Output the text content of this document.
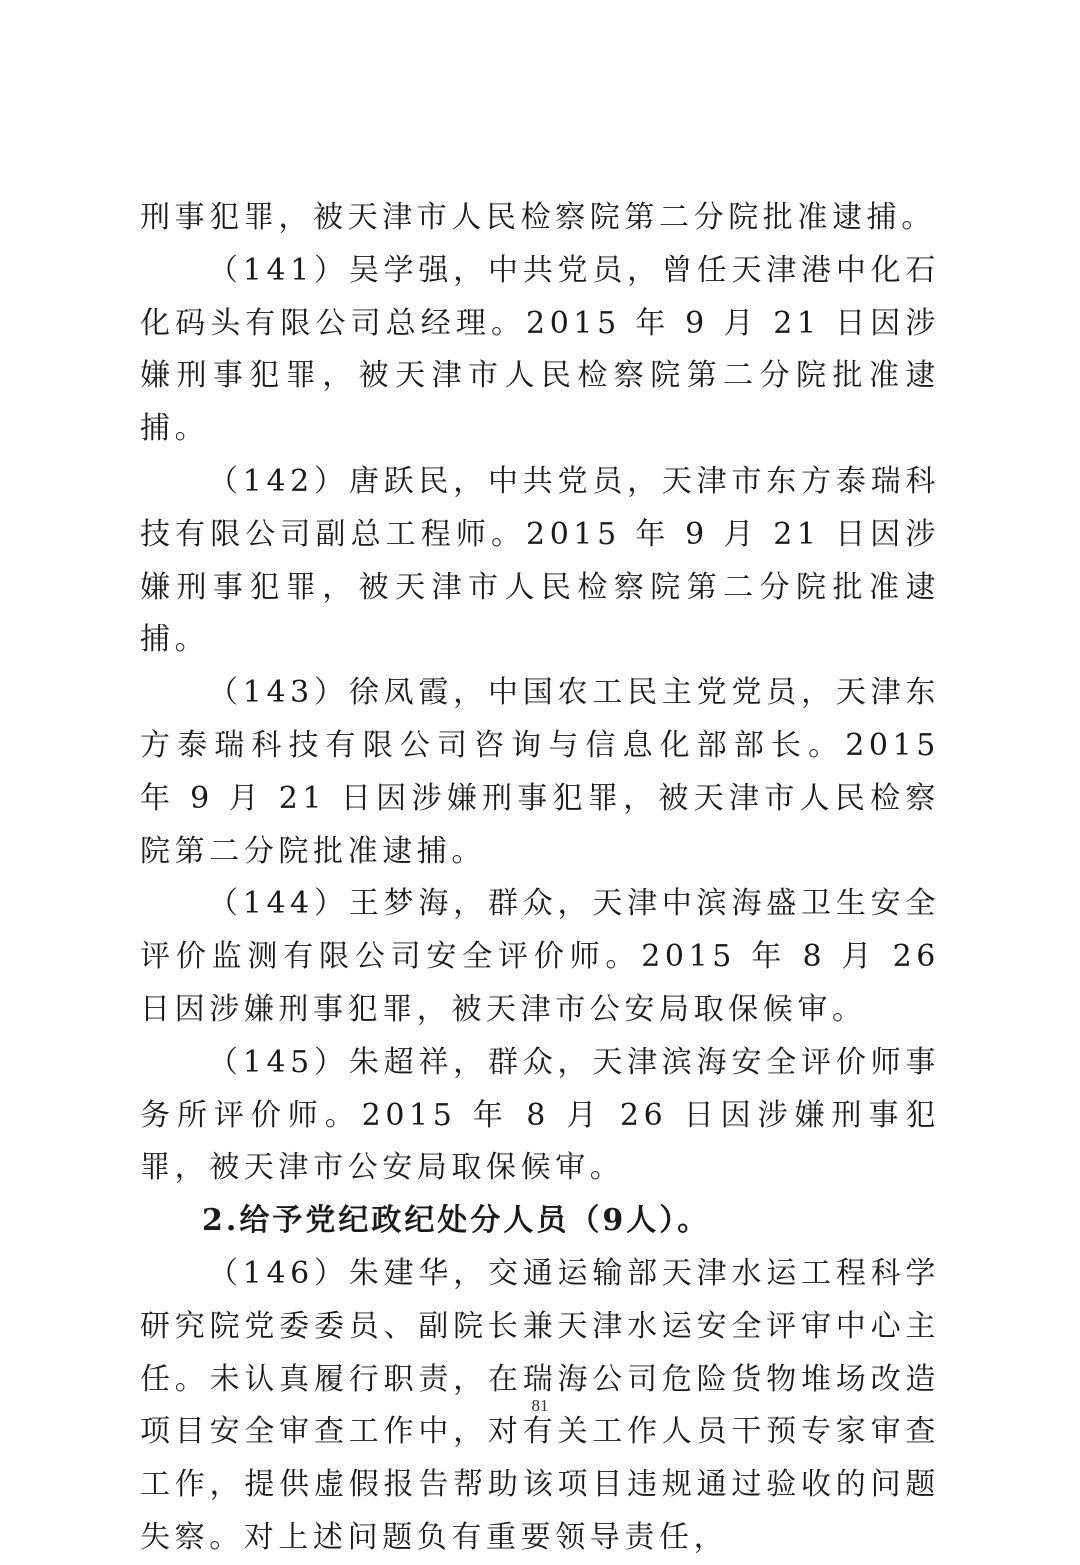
刑事犯罪，被天津市人民检察院第二分院批准逮捕。

（141）吴学强，中共党员，曾任天津港中化石化码头有限公司总经理。2015 年 9 月 21 日因涉嫌刑事犯罪，被天津市人民检察院第二分院批准逮捕。

（142）唐跃民，中共党员，天津市东方泰瑞科技有限公司副总工程师。2015 年 9 月 21 日因涉嫌刑事犯罪，被天津市人民检察院第二分院批准逮捕。

（143）徐凤霞，中国农工民主党党员，天津东方泰瑞科技有限公司咨询与信息化部部长。2015 年 9 月 21 日因涉嫌刑事犯罪，被天津市人民检察院第二分院批准逮捕。

（144）王梦海，群众，天津中滨海盛卫生安全评价监测有限公司安全评价师。2015 年 8 月 26 日因涉嫌刑事犯罪，被天津市公安局取保候审。

（145）朱超祥，群众，天津滨海安全评价师事务所评价师。2015 年 8 月 26 日因涉嫌刑事犯罪，被天津市公安局取保候审。

2.给予党纪政纪处分人员（9人）。

（146）朱建华，交通运输部天津水运工程科学研究院党委委员、副院长兼天津水运安全评审中心主任。未认真履行职责，在瑞海公司危险货物堆场改造项目安全审查工作中，对有关工作人员干预专家审查工作，提供虚假报告帮助该项目违规通过验收的问题失察。对上述问题负有重要领导责任，

81
